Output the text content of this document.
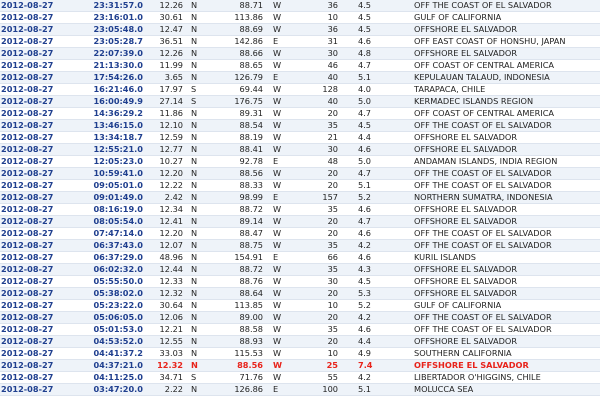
2012-08-27	23:31:57.0	12.26	N	88.71	W	36	4.5	OFF THE COAST OF EL SALVADOR
2012-08-27	23:16:01.0	30.61	N	113.86	W	10	4.5	GULF OF CALIFORNIA
2012-08-27	23:05:48.0	12.47	N	88.69	W	36	4.5	OFFSHORE EL SALVADOR
2012-08-27	23:05:28.7	36.51	N	142.86	E	31	4.6	OFF EAST COAST OF HONSHU, JAPAN
2012-08-27	22:07:39.0	12.26	N	88.66	W	30	4.8	OFFSHORE EL SALVADOR
2012-08-27	21:13:30.0	11.99	N	88.65	W	46	4.7	OFF COAST OF CENTRAL AMERICA
2012-08-27	17:54:26.0	3.65	N	126.79	E	40	5.1	KEPULAUAN TALAUD, INDONESIA
2012-08-27	16:21:46.0	17.97	S	69.44	W	128	4.0	TARAPACA, CHILE
2012-08-27	16:00:49.9	27.14	S	176.75	W	40	5.0	KERMADEC ISLANDS REGION
2012-08-27	14:36:29.2	11.86	N	89.31	W	20	4.7	OFF COAST OF CENTRAL AMERICA
2012-08-27	13:46:15.0	12.10	N	88.54	W	35	4.5	OFF THE COAST OF EL SALVADOR
2012-08-27	13:34:18.7	12.59	N	88.19	W	21	4.4	OFFSHORE EL SALVADOR
2012-08-27	12:55:21.0	12.77	N	88.41	W	30	4.6	OFFSHORE EL SALVADOR
2012-08-27	12:05:23.0	10.27	N	92.78	E	48	5.0	ANDAMAN ISLANDS, INDIA REGION
2012-08-27	10:59:41.0	12.20	N	88.56	W	20	4.7	OFF THE COAST OF EL SALVADOR
2012-08-27	09:05:01.0	12.22	N	88.33	W	20	5.1	OFF THE COAST OF EL SALVADOR
2012-08-27	09:01:49.0	2.42	N	98.99	E	157	5.2	NORTHERN SUMATRA, INDONESIA
2012-08-27	08:16:19.0	12.34	N	88.72	W	35	4.6	OFFSHORE EL SALVADOR
2012-08-27	08:05:54.0	12.41	N	89.14	W	20	4.7	OFFSHORE EL SALVADOR
2012-08-27	07:47:14.0	12.20	N	88.47	W	20	4.6	OFF THE COAST OF EL SALVADOR
2012-08-27	06:37:43.0	12.07	N	88.75	W	35	4.2	OFF THE COAST OF EL SALVADOR
2012-08-27	06:37:29.0	48.96	N	154.91	E	66	4.6	KURIL ISLANDS
2012-08-27	06:02:32.0	12.44	N	88.72	W	35	4.3	OFFSHORE EL SALVADOR
2012-08-27	05:55:50.0	12.33	N	88.76	W	30	4.5	OFFSHORE EL SALVADOR
2012-08-27	05:38:02.0	12.32	N	88.64	W	20	5.3	OFFSHORE EL SALVADOR
2012-08-27	05:23:22.0	30.64	N	113.85	W	10	5.2	GULF OF CALIFORNIA
2012-08-27	05:06:05.0	12.06	N	89.00	W	20	4.2	OFF THE COAST OF EL SALVADOR
2012-08-27	05:01:53.0	12.21	N	88.58	W	35	4.6	OFF THE COAST OF EL SALVADOR
2012-08-27	04:53:52.0	12.55	N	88.93	W	20	4.4	OFFSHORE EL SALVADOR
2012-08-27	04:41:37.2	33.03	N	115.53	W	10	4.9	SOUTHERN CALIFORNIA
2012-08-27	04:37:21.0	12.32	N	88.56	W	25	7.4	OFFSHORE EL SALVADOR
2012-08-27	04:11:25.0	34.71	S	71.76	W	55	4.2	LIBERTADOR O'HIGGINS, CHILE
2012-08-27	03:47:20.0	2.22	N	126.86	E	100	5.1	MOLUCCA SEA
